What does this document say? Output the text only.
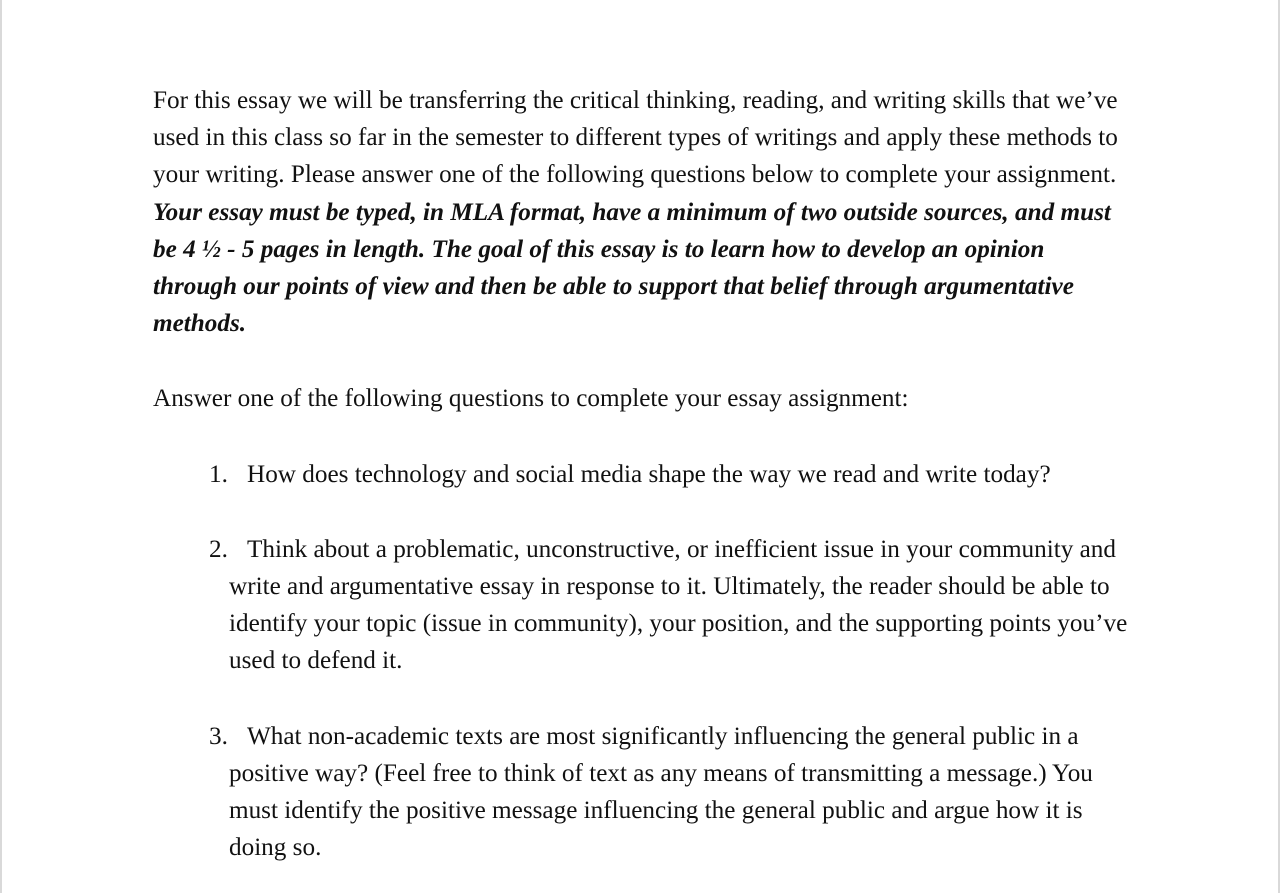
For this essay we will be transferring the critical thinking, reading, and writing skills that we’ve used in this class so far in the semester to different types of writings and apply these methods to your writing. Please answer one of the following questions below to complete your assignment. Your essay must be typed, in MLA format, have a minimum of two outside sources, and must be 4 ½ - 5 pages in length. The goal of this essay is to learn how to develop an opinion through our points of view and then be able to support that belief through argumentative methods.

Answer one of the following questions to complete your essay assignment:

1. How does technology and social media shape the way we read and write today?
2. Think about a problematic, unconstructive, or inefficient issue in your community and write and argumentative essay in response to it. Ultimately, the reader should be able to identify your topic (issue in community), your position, and the supporting points you’ve used to defend it.
3. What non-academic texts are most significantly influencing the general public in a positive way? (Feel free to think of text as any means of transmitting a message.) You must identify the positive message influencing the general public and argue how it is doing so.
